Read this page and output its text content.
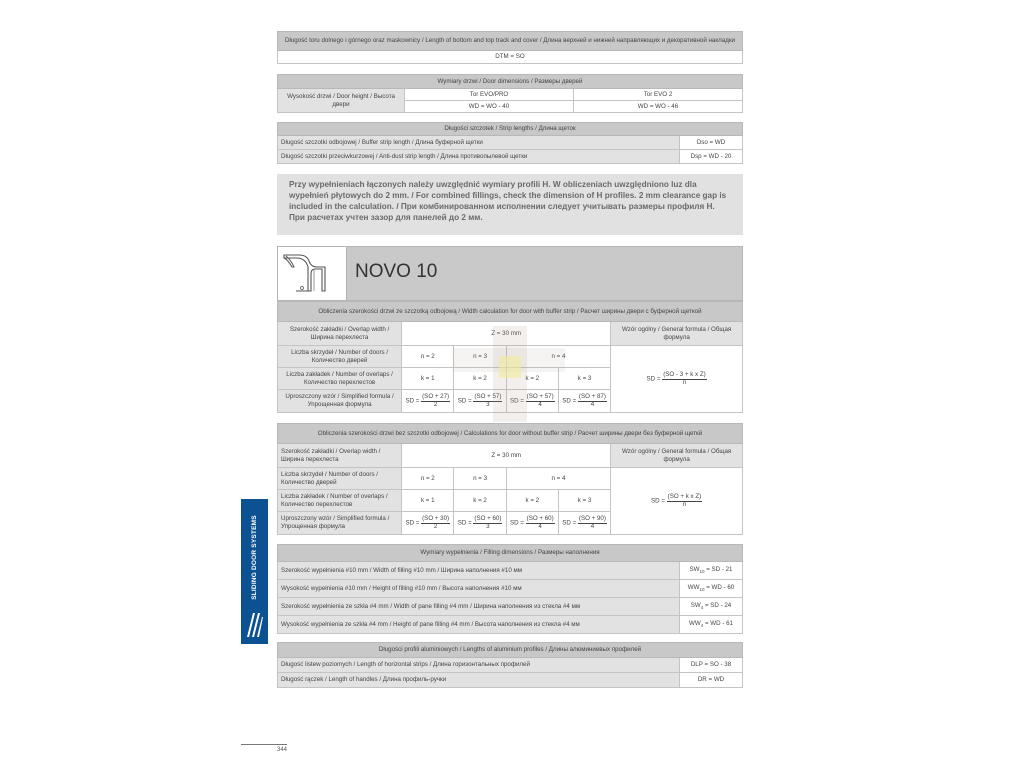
Długość toru dolnego i górnego oraz maskownicy / Length of bottom and top track and cover / Длина верхней и нижней направляющих и декоративной накладки
DTM = SO
Wymiary drzwi / Door dimensions / Размеры дверей		
Wysokość drzwi / Door height / Высота двери	Tor EVO/PRO	Tor EVO 2
	WD = WO - 40	WD = WO - 46
Długości szczotek / Strip lengths / Длина щеток	
Długość szczotki odbojowej / Buffer strip length / Длина буферной щетки	Dso = WD
Długość szczotki przeciwkurzowej / Anti-dust strip length / Длина противопылевой щетки	Dsp = WD - 20
Przy wypełnieniach łączonych należy uwzględnić wymiary profili H. W obliczeniach uwzględniono luz dla wypełnień płytowych do 2 mm. / For combined fillings, check the dimension of H profiles. 2 mm clearance gap is included in the calculation. / При комбинированном исполнении следует учитывать размеры профиля H. При расчетах учтен зазор для панелей до 2 мм.
NOVO 10
Obliczenia szerokości drzwi ze szczotką odbojową / Width calculation for door with buffer strip / Расчет ширины двери с буферной щеткой					
Szerokość zakładki / Overlap width / Ширина перехлеста	Z = 30 mm				Wzór ogólny / General formula / Общая формула
Liczba skrzydeł / Number of doors / Количество дверей	n = 2	n = 3	n = 4		SD = $\frac{\text{(SO - 3 + k x Z)}}{n}$

Liczba zakładek / Number of overlaps / Количество перехлестов	k = 1	k = 2	k = 2	k = 3	
Uproszczony wzór / Simplified formula / Упрощенная формула	SD = $\frac{(SO + 27)}{2}$	SD = $\frac{(SO + 57)}{3}$	SD = $\frac{(SO + 57)}{4}$	SD = $\frac{(SO + 87)}{4}$
Obliczenia szerokości drzwi bez szczotki odbojowej / Calculations for door without buffer strip / Расчет ширины двери без буферной щеткй					
Szerokość zakładki / Overlap width / Ширина перехлеста	Z = 30 mm				Wzór ogólny / General formula / Общая формула
Liczba skrzydeł / Number of doors / Количество дверей	n = 2	n = 3	n = 4		SD = $\frac{\text{(SO + k x Z)}}{n}$

Liczba zakładek / Number of overlaps / Количество перехлестов	k = 1	k = 2	k = 2	k = 3	
Uproszczony wzór / Simplified formula / Упрощенная формула	SD = $\frac{(SO + 30)}{2}$	SD = $\frac{(SO + 60)}{3}$	SD = $\frac{(SO + 60)}{4}$	SD = $\frac{(SO + 90)}{4}$
Wymiary wypełnienia / Filling dimensions / Размеры наполнения	
Szerokość wypełnienia #10 mm / Width of filling #10 mm / Ширина наполнения #10 мм	$SW_{10}$ = SD - 21
Wysokość wypełnienia #10 mm / Height of filling #10 mm / Высота наполнения #10 мм	$WW_{10}$ = WD - 60
Szerokość wypełnienia ze szkła #4 mm / Width of pane filling #4 mm / Ширина наполнения из стекла #4 мм	$SW_4$ = SD - 24
Wysokość wypełnienia ze szkła #4 mm / Height of pane filling #4 mm / Высота наполнения из стекла #4 мм	$WW_4$ = WD - 61
Długości profili aluminiowych / Lengths of aluminium profiles / Длины алюминиевых профилей	
Długość listew poziomych / Length of horizontal strips / Длина горизонтальных профилей	DLP = SO - 38
Długość rączek / Length of handles / Длина профиль-ручки	DR = WD
SLIDING DOOR SYSTEMS
344
